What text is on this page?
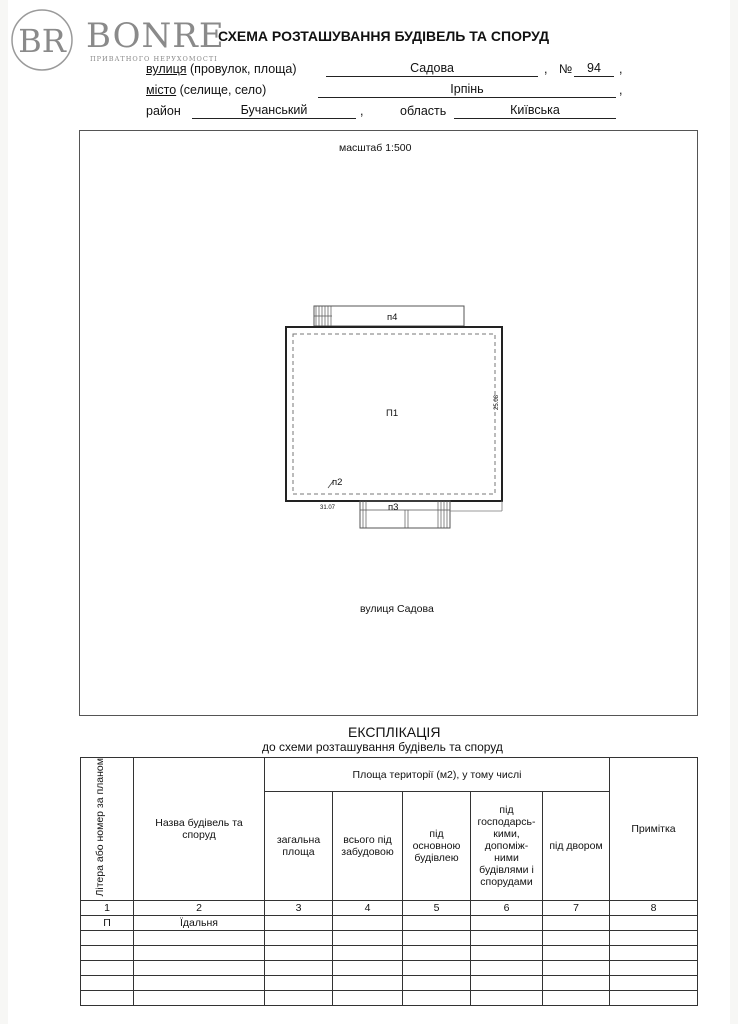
BR BONRE
ПРИВАТНОГО НЕРУХОМОСТІ
СХЕМА РОЗТАШУВАННЯ БУДІВЕЛЬ ТА СПОРУД
вулиця (провулок, площа)	Садова	, №	94	,
місто (селище, село)	Ірпінь	,
район	Бучанський	,	область	Київська
масштаб 1:500
п4
П1
п2
п3
25.08
31.07
вулиця Садова
ЕКСПЛІКАЦІЯ
до схеми розташування будівель та споруд
Літера або номер за планом	Назва будівель та споруд	Площа території (м2), у тому числі					Примітка
		загальна площа	всього під забудовою	під основною будівлею	під господарсь-кими, допоміж-ними будівлями і спорудами	під двором	
1	2	3	4	5	6	7	8
П	Їдальня						
